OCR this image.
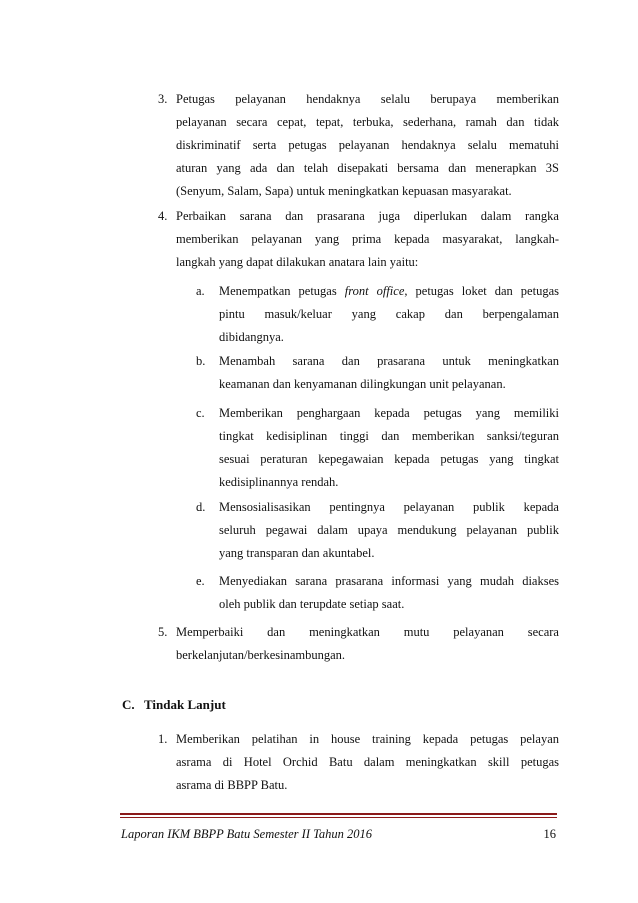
3. Petugas pelayanan hendaknya selalu berupaya memberikan
pelayanan secara cepat, tepat, terbuka, sederhana, ramah dan tidak
diskriminatif serta petugas pelayanan hendaknya selalu mematuhi
aturan yang ada dan telah disepakati bersama dan menerapkan 3S
(Senyum, Salam, Sapa) untuk meningkatkan kepuasan masyarakat.
4. Perbaikan sarana dan prasarana juga diperlukan dalam rangka
memberikan pelayanan yang prima kepada masyarakat, langkah-
langkah yang dapat dilakukan anatara lain yaitu:
a. Menempatkan petugas front office, petugas loket dan petugas
pintu masuk/keluar yang cakap dan berpengalaman
dibidangnya.
b. Menambah sarana dan prasarana untuk meningkatkan
keamanan dan kenyamanan dilingkungan unit pelayanan.
c. Memberikan penghargaan kepada petugas yang memiliki
tingkat kedisiplinan tinggi dan memberikan sanksi/teguran
sesuai peraturan kepegawaian kepada petugas yang tingkat
kedisiplinannya rendah.
d. Mensosialisasikan pentingnya pelayanan publik kepada
seluruh pegawai dalam upaya mendukung pelayanan publik
yang transparan dan akuntabel.
e. Menyediakan sarana prasarana informasi yang mudah diakses
oleh publik dan terupdate setiap saat.
5. Memperbaiki dan meningkatkan mutu pelayanan secara
berkelanjutan/berkesinambungan.
C. Tindak Lanjut
1. Memberikan pelatihan in house training kepada petugas pelayan
asrama di Hotel Orchid Batu dalam meningkatkan skill petugas
asrama di BBPP Batu.
Laporan IKM BBPP Batu Semester II Tahun 2016	16
